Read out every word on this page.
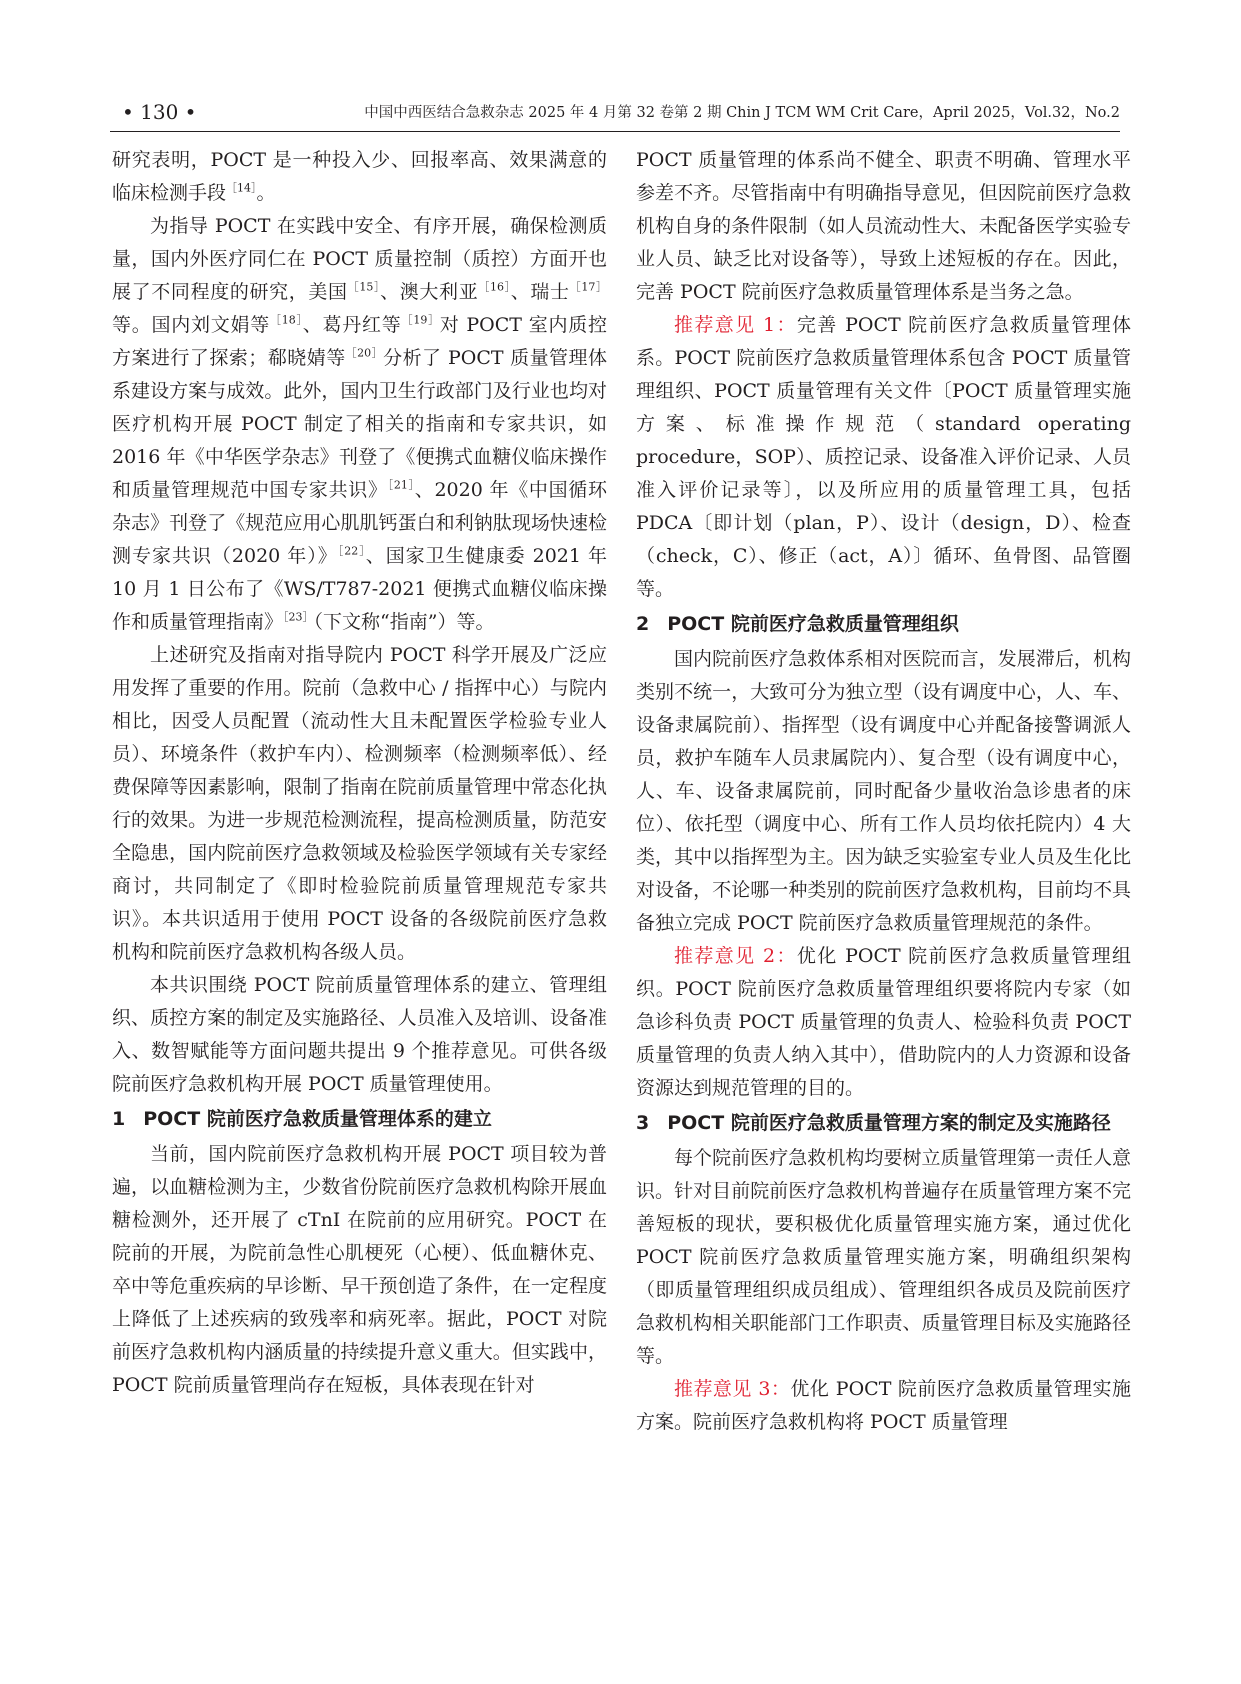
• 130 •	中国中西医结合急救杂志 2025 年 4 月第 32 卷第 2 期 Chin J TCM WM Crit Care，April 2025，Vol.32，No.2

研究表明，POCT 是一种投入少、回报率高、效果满意的临床检测手段$^{[14]}$。

为指导 POCT 在实践中安全、有序开展，确保检测质量，国内外医疗同仁在 POCT 质量控制（质控）方面开也展了不同程度的研究，美国$^{[15]}$、澳大利亚$^{[16]}$、瑞士$^{[17]}$等。国内刘文娟等$^{[18]}$、葛丹红等$^{[19]}$对 POCT 室内质控方案进行了探索；郗晓婧等$^{[20]}$分析了 POCT 质量管理体系建设方案与成效。此外，国内卫生行政部门及行业也均对医疗机构开展 POCT 制定了相关的指南和专家共识，如 2016 年《中华医学杂志》刊登了《便携式血糖仪临床操作和质量管理规范中国专家共识》$^{[21]}$、2020 年《中国循环杂志》刊登了《规范应用心肌肌钙蛋白和利钠肽现场快速检测专家共识（2020 年）》$^{[22]}$、国家卫生健康委 2021 年 10 月 1 日公布了《WS/T787-2021 便携式血糖仪临床操作和质量管理指南》$^{[23]}$（下文称“指南”）等。

上述研究及指南对指导院内 POCT 科学开展及广泛应用发挥了重要的作用。院前（急救中心 / 指挥中心）与院内相比，因受人员配置（流动性大且未配置医学检验专业人员）、环境条件（救护车内）、检测频率（检测频率低）、经费保障等因素影响，限制了指南在院前质量管理中常态化执行的效果。为进一步规范检测流程，提高检测质量，防范安全隐患，国内院前医疗急救领域及检验医学领域有关专家经商讨，共同制定了《即时检验院前质量管理规范专家共识》。本共识适用于使用 POCT 设备的各级院前医疗急救机构和院前医疗急救机构各级人员。

本共识围绕 POCT 院前质量管理体系的建立、管理组织、质控方案的制定及实施路径、人员准入及培训、设备准入、数智赋能等方面问题共提出 9 个推荐意见。可供各级院前医疗急救机构开展 POCT 质量管理使用。

1 POCT 院前医疗急救质量管理体系的建立

当前，国内院前医疗急救机构开展 POCT 项目较为普遍，以血糖检测为主，少数省份院前医疗急救机构除开展血糖检测外，还开展了 cTnI 在院前的应用研究。POCT 在院前的开展，为院前急性心肌梗死（心梗）、低血糖休克、卒中等危重疾病的早诊断、早干预创造了条件，在一定程度上降低了上述疾病的致残率和病死率。据此，POCT 对院前医疗急救机构内涵质量的持续提升意义重大。但实践中，POCT 院前质量管理尚存在短板，具体表现在针对

POCT 质量管理的体系尚不健全、职责不明确、管理水平参差不齐。尽管指南中有明确指导意见，但因院前医疗急救机构自身的条件限制（如人员流动性大、未配备医学实验专业人员、缺乏比对设备等），导致上述短板的存在。因此，完善 POCT 院前医疗急救质量管理体系是当务之急。

推荐意见 1：完善 POCT 院前医疗急救质量管理体系。POCT 院前医疗急救质量管理体系包含 POCT 质量管理组织、POCT 质量管理有关文件〔POCT 质量管理实施方案、标准操作规范（standard operating procedure，SOP）、质控记录、设备准入评价记录、人员准入评价记录等〕，以及所应用的质量管理工具，包括 PDCA〔即计划（plan，P）、设计（design，D）、检查（check，C）、修正（act，A）〕循环、鱼骨图、品管圈等。

2 POCT 院前医疗急救质量管理组织

国内院前医疗急救体系相对医院而言，发展滞后，机构类别不统一，大致可分为独立型（设有调度中心，人、车、设备隶属院前）、指挥型（设有调度中心并配备接警调派人员，救护车随车人员隶属院内）、复合型（设有调度中心，人、车、设备隶属院前，同时配备少量收治急诊患者的床位）、依托型（调度中心、所有工作人员均依托院内）4 大类，其中以指挥型为主。因为缺乏实验室专业人员及生化比对设备，不论哪一种类别的院前医疗急救机构，目前均不具备独立完成 POCT 院前医疗急救质量管理规范的条件。

推荐意见 2：优化 POCT 院前医疗急救质量管理组织。POCT 院前医疗急救质量管理组织要将院内专家（如急诊科负责 POCT 质量管理的负责人、检验科负责 POCT 质量管理的负责人纳入其中），借助院内的人力资源和设备资源达到规范管理的目的。

3 POCT 院前医疗急救质量管理方案的制定及实施路径

每个院前医疗急救机构均要树立质量管理第一责任人意识。针对目前院前医疗急救机构普遍存在质量管理方案不完善短板的现状，要积极优化质量管理实施方案，通过优化 POCT 院前医疗急救质量管理实施方案，明确组织架构（即质量管理组织成员组成）、管理组织各成员及院前医疗急救机构相关职能部门工作职责、质量管理目标及实施路径等。

推荐意见 3：优化 POCT 院前医疗急救质量管理实施方案。院前医疗急救机构将 POCT 质量管理
